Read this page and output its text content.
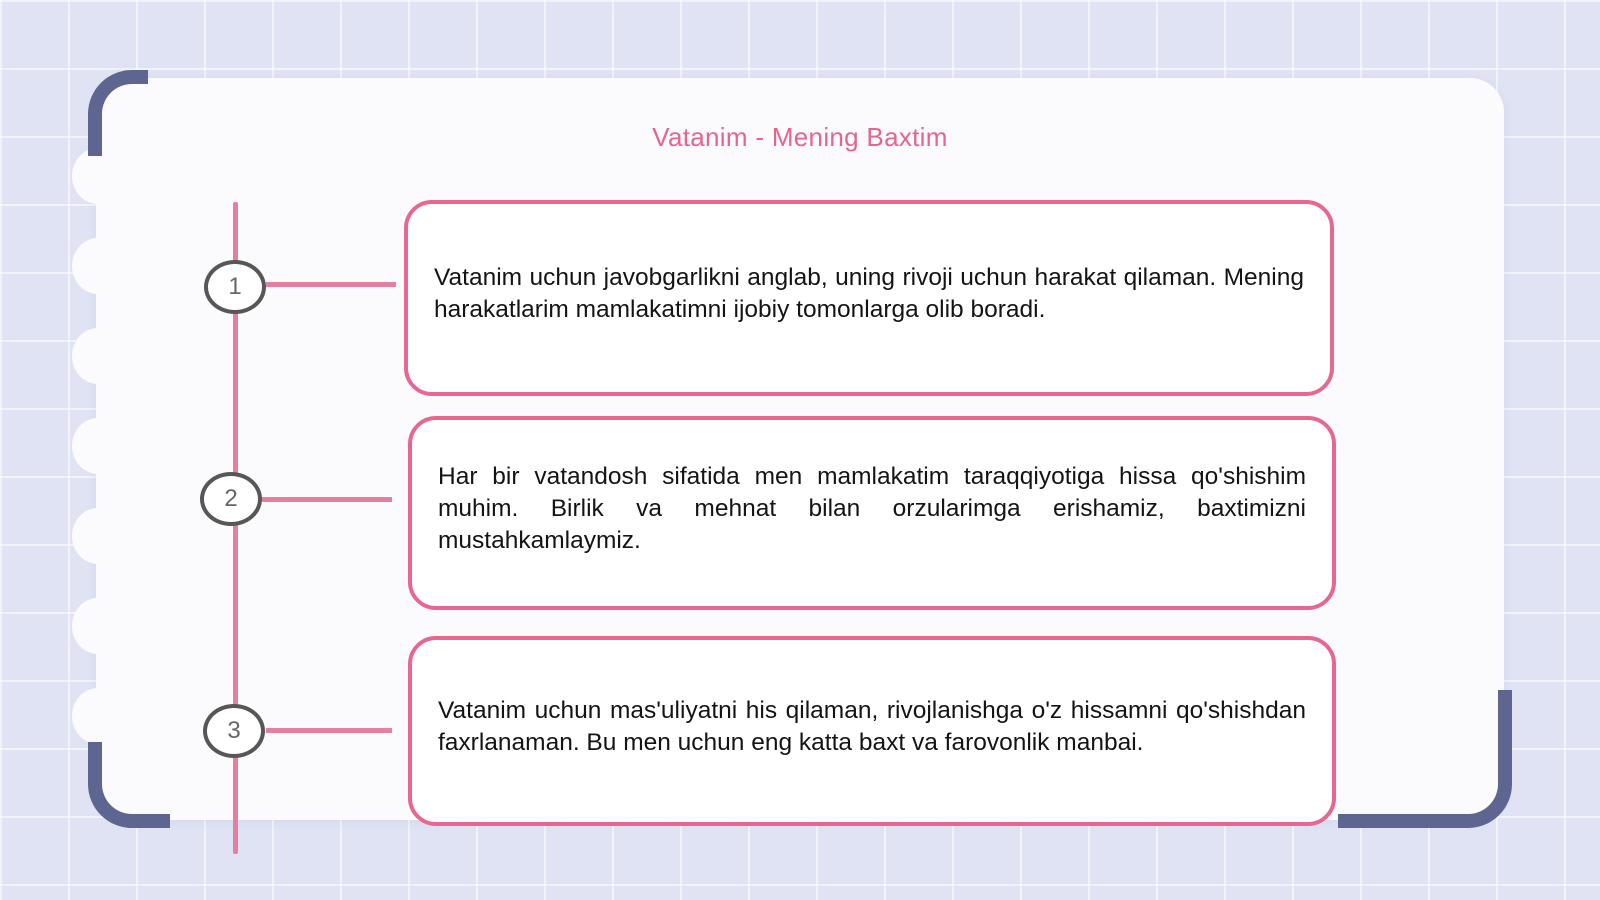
Vatanim - Mening Baxtim
1	Vatanim uchun javobgarlikni anglab, uning rivoji uchun harakat qilaman. Mening harakatlarim mamlakatimni ijobiy tomonlarga olib boradi.
2
Har bir vatandosh sifatida men mamlakatim taraqqiyotiga hissa qo'shishim muhim. Birlik va mehnat bilan orzularimga erishamiz, baxtimizni mustahkamlaymiz.
3
Vatanim uchun mas'uliyatni his qilaman, rivojlanishga o'z hissamni qo'shishdan faxrlanaman. Bu men uchun eng katta baxt va farovonlik manbai.
